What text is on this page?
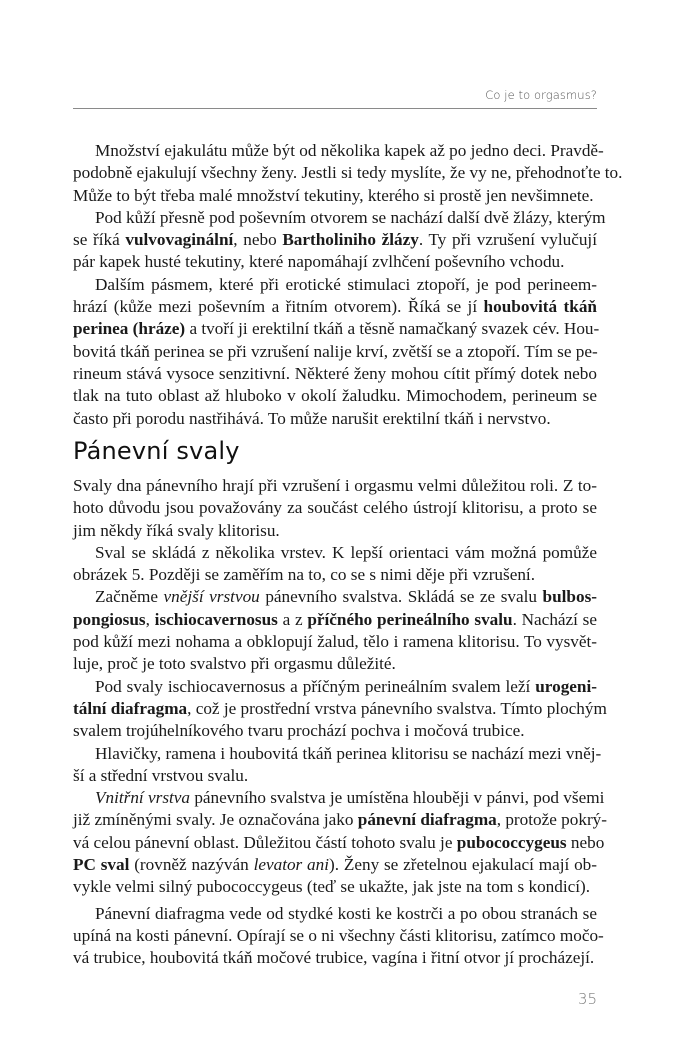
Co je to orgasmus?
Množství ejakulátu může být od několika kapek až po jedno deci. Pravdě-
podobně ejakulují všechny ženy. Jestli si tedy myslíte, že vy ne, přehodnoťte to.
Může to být třeba malé množství tekutiny, kterého si prostě jen nevšimnete.
Pod kůží přesně pod poševním otvorem se nachází další dvě žlázy, kterým
se říká vulvovaginální, nebo Bartholiniho žlázy. Ty při vzrušení vylučují
pár kapek husté tekutiny, které napomáhají zvlhčení poševního vchodu.
Dalším pásmem, které při erotické stimulaci ztopoří, je pod perineem-
hrází (kůže mezi poševním a řitním otvorem). Říká se jí houbovitá tkáň
perinea (hráze) a tvoří ji erektilní tkáň a těsně namačkaný svazek cév. Hou-
bovitá tkáň perinea se při vzrušení nalije krví, zvětší se a ztopoří. Tím se pe-
rineum stává vysoce senzitivní. Některé ženy mohou cítit přímý dotek nebo
tlak na tuto oblast až hluboko v okolí žaludku. Mimochodem, perineum se
často při porodu nastřihává. To může narušit erektilní tkáň i nervstvo.
Pánevní svaly
Svaly dna pánevního hrají při vzrušení i orgasmu velmi důležitou roli. Z to-
hoto důvodu jsou považovány za součást celého ústrojí klitorisu, a proto se
jim někdy říká svaly klitorisu.
Sval se skládá z několika vrstev. K lepší orientaci vám možná pomůže
obrázek 5. Později se zaměřím na to, co se s nimi děje při vzrušení.
Začněme vnější vrstvou pánevního svalstva. Skládá se ze svalu bulbos-
pongiosus, ischiocavernosus a z příčného perineálního svalu. Nachází se
pod kůží mezi nohama a obklopují žalud, tělo i ramena klitorisu. To vysvět-
luje, proč je toto svalstvo při orgasmu důležité.
Pod svaly ischiocavernosus a příčným perineálním svalem leží urogeni-
tální diafragma, což je prostřední vrstva pánevního svalstva. Tímto plochým
svalem trojúhelníkového tvaru prochází pochva i močová trubice.
Hlavičky, ramena i houbovitá tkáň perinea klitorisu se nachází mezi vněj-
ší a střední vrstvou svalu.
Vnitřní vrstva pánevního svalstva je umístěna hlouběji v pánvi, pod všemi
již zmíněnými svaly. Je označována jako pánevní diafragma, protože pokrý-
vá celou pánevní oblast. Důležitou částí tohoto svalu je pubococcygeus nebo
PC sval (rovněž nazýván levator ani). Ženy se zřetelnou ejakulací mají ob-
vykle velmi silný pubococcygeus (teď se ukažte, jak jste na tom s kondicí).
Pánevní diafragma vede od stydké kosti ke kostrči a po obou stranách se
upíná na kosti pánevní. Opírají se o ni všechny části klitorisu, zatímco močo-
vá trubice, houbovitá tkáň močové trubice, vagína i řitní otvor jí procházejí.
35
